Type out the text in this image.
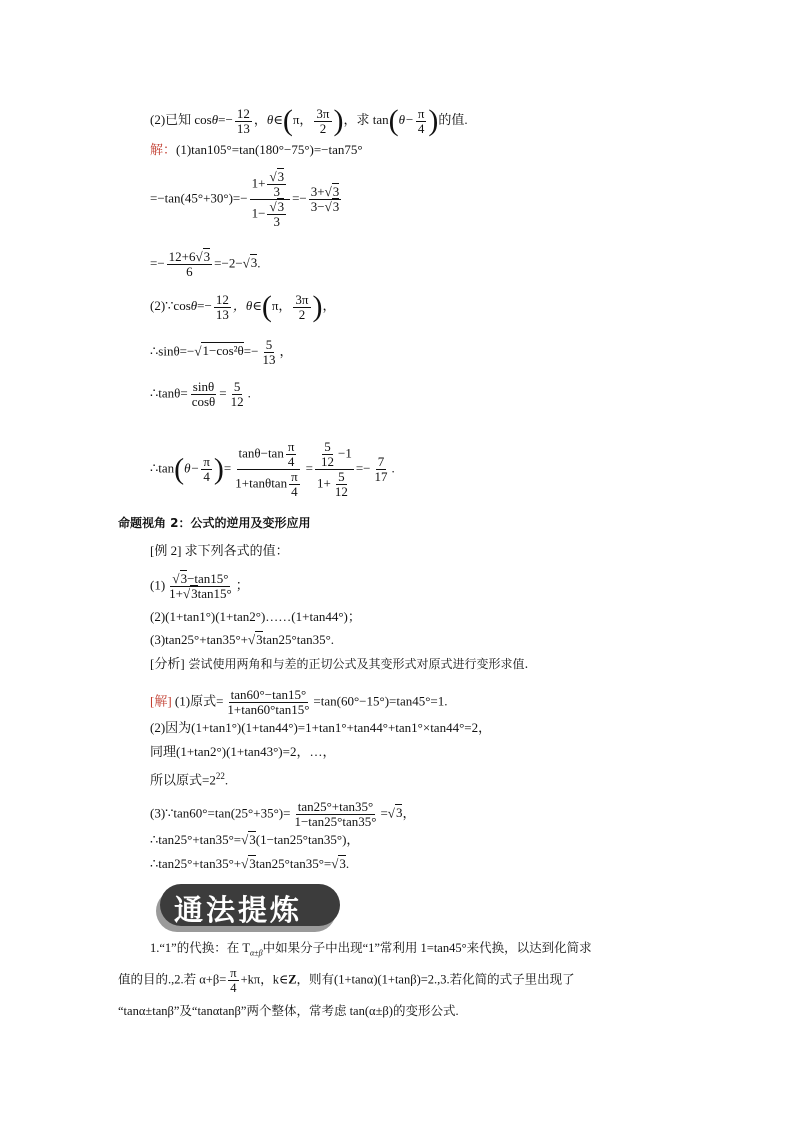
(2)已知 $\cos\theta=- \frac{12}{13}$ ，θ∈(π， $\frac{3\pi}{2}$ )，求 $\tan(\theta- \frac{\pi}{4}$ )的值.
解：(1)tan105°=tan(180°−75°)=−tan75°
$=-\tan(45^\circ+30^\circ)=- \frac{1+ \frac{√3}{3}}{1- \frac{√3}{3}} =- \frac{3+√3}{3-√3}$
=− $\frac{12+6√3}{6} =-2-√3$.
(2)∵cosθ=− $\frac{12}{13}$ ，θ∈(π， $\frac{3\pi}{2}$ )，
∴sinθ=−√1−cos²θ=− $\frac{5}{13}$ ，
∴tanθ= $\frac{\sin\theta}{\cos\theta} = \frac{5}{12}$ .
∴tan(θ− $\frac{\pi}{4}$ )= $\frac{\tan\theta-\tan \frac{\pi}{4}}{1+\tan\theta\tan \frac{\pi}{4}} = \frac{\frac{5}{12} -1}{1+ \frac{5}{12}} =- \frac{7}{17}$ .
命题视角 2：公式的逆用及变形应用
[例 2] 求下列各式的值：
$(1) \frac{√3-\tan 15^\circ}{1+√3\tan 15^\circ}$ ；
(2)(1+tan1°)(1+tan2°)……(1+tan44°)；
(3)tan25°+tan35°+√3tan25°tan35°.
[分析] 尝试使用两角和与差的正切公式及其变形式对原式进行变形求值.
[解] (1)原式= $\frac{\tan 60^\circ-\tan 15^\circ}{1+\tan 60^\circ\tan 15^\circ} =\tan(60^\circ-15^\circ)=\tan 45^\circ=1$.
(2)因为(1+tan1°)(1+tan44°)=1+tan1°+tan44°+tan1°×tan44°=2，
同理(1+tan2°)(1+tan43°)=2，…，
所以原式$=2^{22}$.
(3)∵tan60°=tan(25°+35°)= $\frac{\tan 25^\circ+\tan 35^\circ}{1-\tan 25^\circ\tan 35^\circ} =√3$，
∴tan25°+tan35°=√3(1−tan25°tan35°)，
∴tan25°+tan35°+√3tan25°tan35°=√3.
通法提炼
1.“1”的代换：在 $T_{\alpha\pm\beta}$中如果分子中出现“1”常利用 1=tan45°来代换，以达到化简求
值的目的.,2.若 $\alpha+\beta= \frac{\pi}{4} +k\pi$，k∈Z，则有(1+tanα)(1+tanβ)=2.,3.若化简的式子里出现了
“tanα±tanβ”及“tanαtanβ”两个整体，常考虑 tan(α±β)的变形公式.
